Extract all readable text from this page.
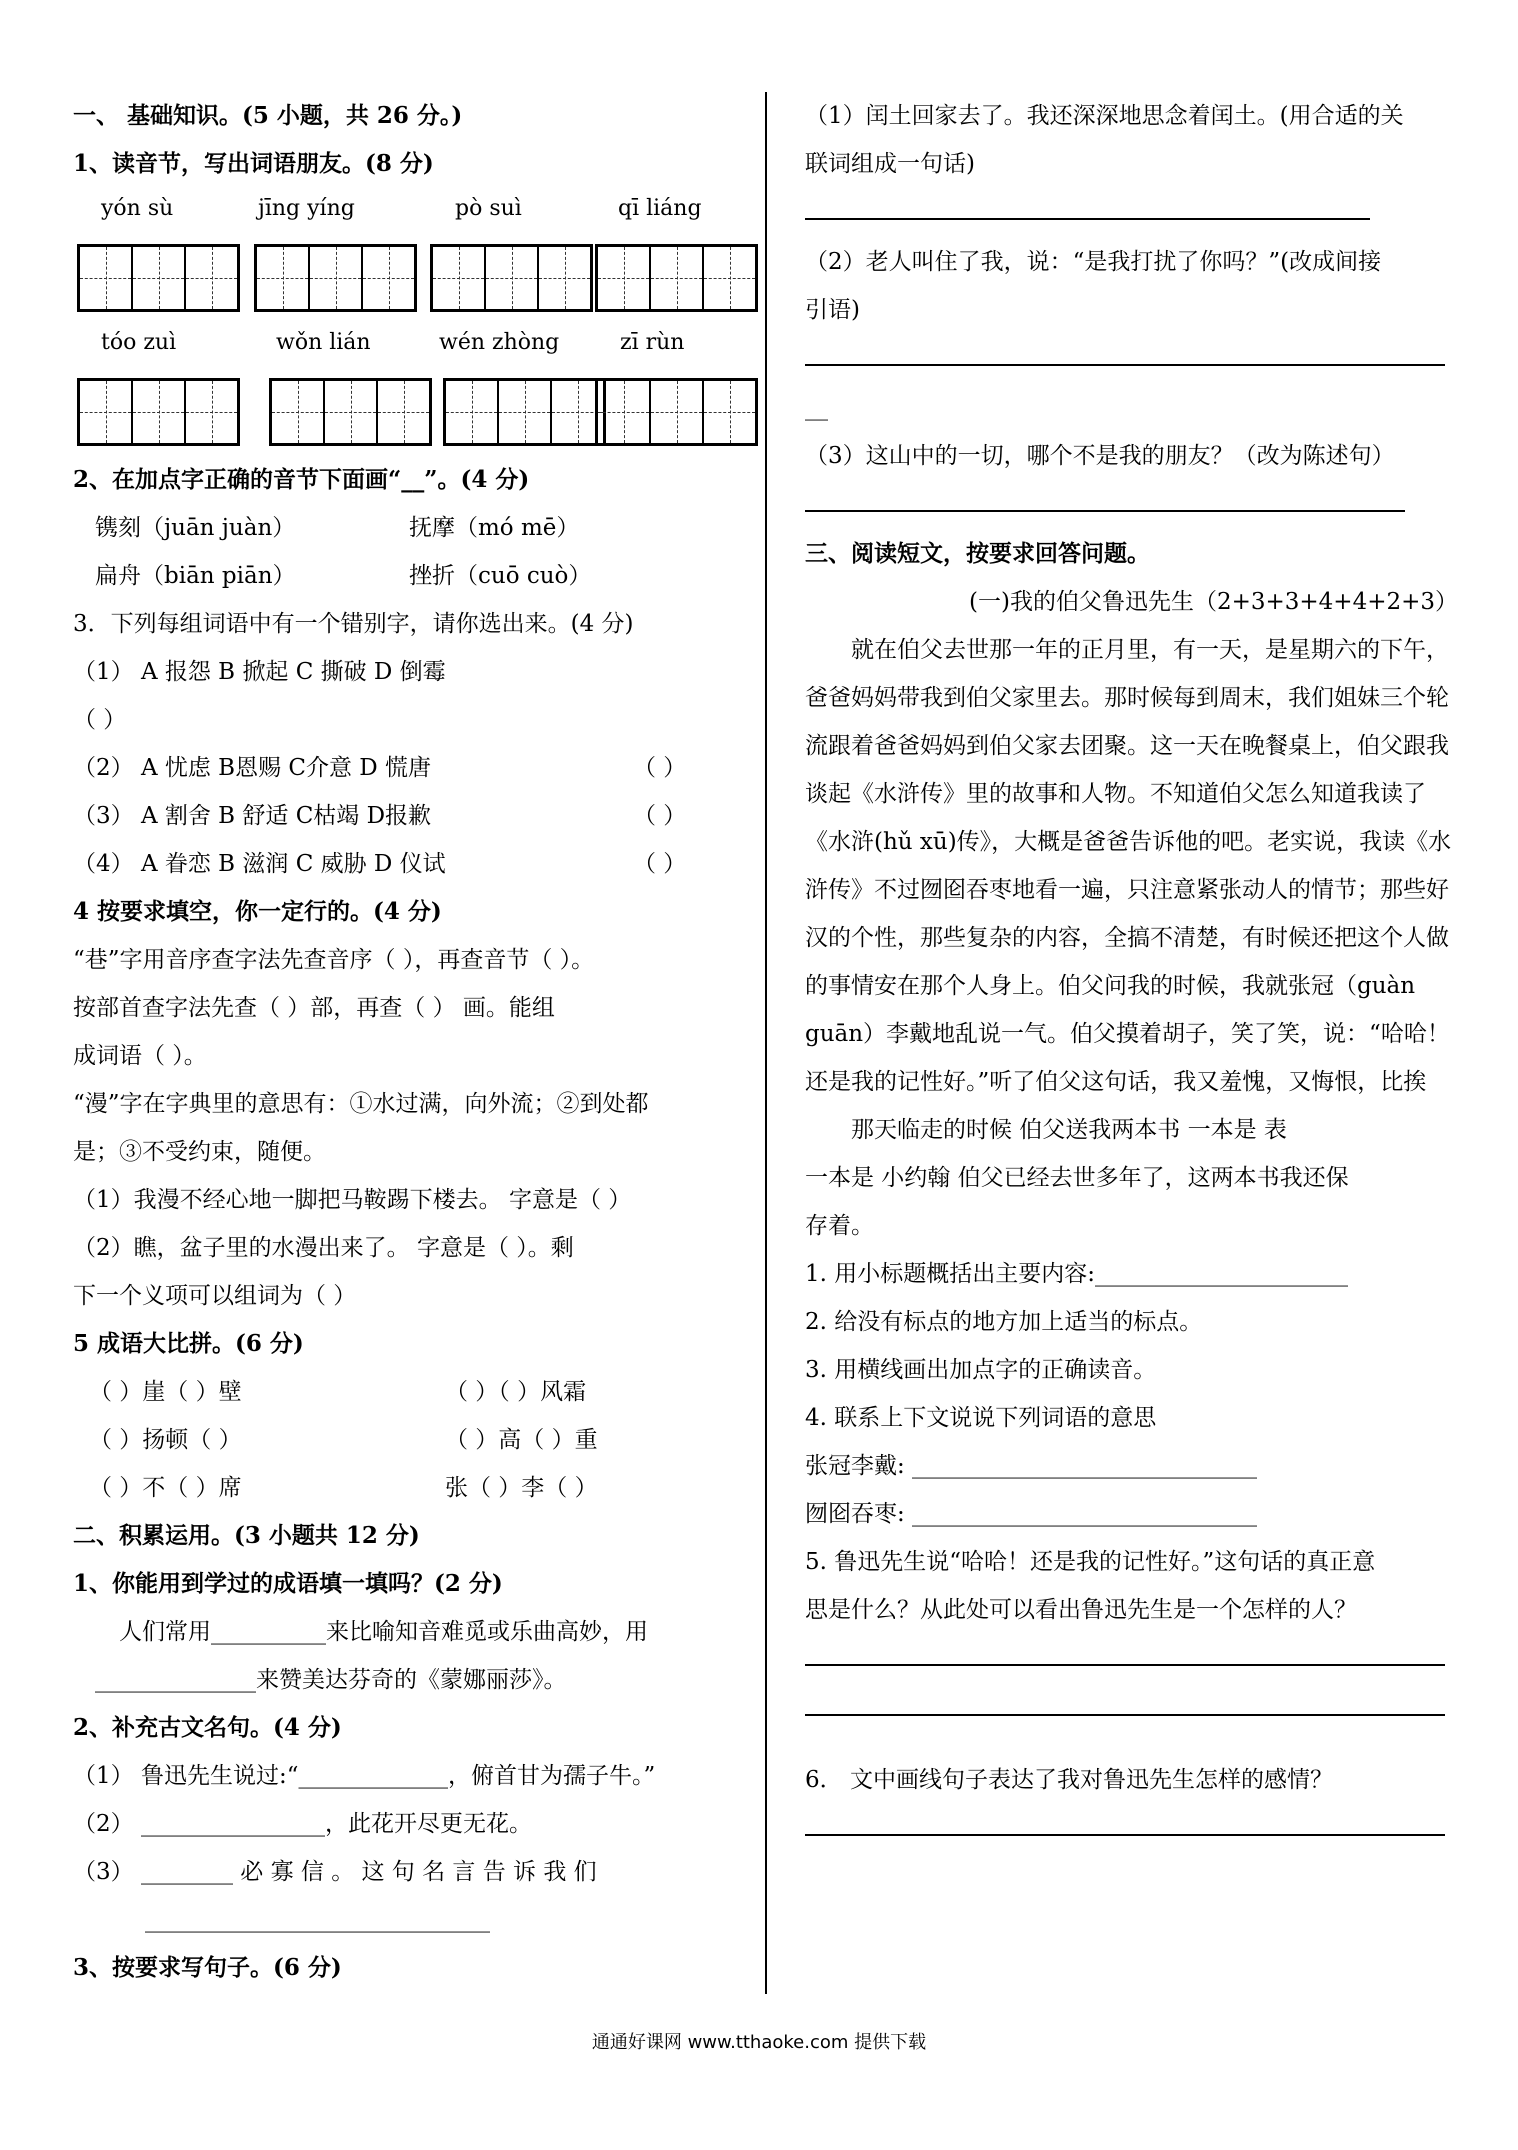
一、 基础知识。(5 小题，共 26 分。)
1、读音节，写出词语朋友。(8 分)
yón sù	jīng yíng	pò suì	qī liáng
tóo zuì	wǒn lián	wén zhòng	zī rùn
2、在加点字正确的音节下面画“__”。(4 分)
镌刻（juān juàn）	抚摩（mó mē）
扁舟（biān piān）	挫折（cuō cuò）
3．下列每组词语中有一个错别字，请你选出来。(4 分)
（1） A 报怨 B 掀起 C 撕破 D 倒霉
（ ）
（2） A 忧虑 B恩赐 C介意 D 慌唐	（ ）
（3） A 割舍 B 舒适 C枯竭 D报歉	（ ）
（4） A 眷恋 B 滋润 C 威胁 D 仪试	（ ）
4 按要求填空，你一定行的。(4 分)
“巷”字用音序查字法先查音序（ ），再查音节（ ）。
按部首查字法先查（ ）部，再查（ ） 画。能组
成词语（ ）。
“漫”字在字典里的意思有：①水过满，向外流；②到处都
是；③不受约束，随便。
（1）我漫不经心地一脚把马鞍踢下楼去。 字意是（ ）
（2）瞧，盆子里的水漫出来了。 字意是（ ）。剩
下一个义项可以组词为（ ）
5 成语大比拼。(6 分)
（ ）崖（ ）壁	（ ）（ ）风霜
（ ）扬顿（ ）	（ ）高（ ）重
（ ）不（ ）席	张（ ）李（ ）
二、积累运用。(3 小题共 12 分)
1、你能用到学过的成语填一填吗？(2 分)
人们常用__________来比喻知音难觅或乐曲高妙，用
______________来赞美达芬奇的《蒙娜丽莎》。
2、补充古文名句。(4 分)
（1） 鲁迅先生说过:“_____________，俯首甘为孺子牛。”
（2） ________________，此花开尽更无花。
（3） ________ 必 寡 信 。 这 句 名 言 告 诉 我 们
______________________________
3、按要求写句子。(6 分)
（1）闰土回家去了。我还深深地思念着闰土。(用合适的关
联词组成一句话)
（2）老人叫住了我，说：“是我打扰了你吗？”(改成间接
引语)
__
（3）这山中的一切，哪个不是我的朋友？（改为陈述句）
三、阅读短文，按要求回答问题。
(一)我的伯父鲁迅先生（2+3+3+4+4+2+3）
就在伯父去世那一年的正月里，有一天，是星期六的下午，爸爸妈妈带我到伯父家里去。那时候每到周末，我们姐妹三个轮流跟着爸爸妈妈到伯父家去团聚。这一天在晚餐桌上，伯父跟我谈起《水浒传》里的故事和人物。不知道伯父怎么知道我读了《水浒(hǔ xū)传》，大概是爸爸告诉他的吧。老实说，我读《水浒传》不过囫囵吞枣地看一遍，只注意紧张动人的情节；那些好汉的个性，那些复杂的内容，全搞不清楚，有时候还把这个人做的事情安在那个人身上。伯父问我的时候，我就张冠（guàn guān）李戴地乱说一气。伯父摸着胡子，笑了笑，说：“哈哈！还是我的记性好。”听了伯父这句话，我又羞愧，又悔恨，比挨
那天临走的时候 伯父送我两本书 一本是 表
一本是 小约翰 伯父已经去世多年了，这两本书我还保
存着。
1. 用小标题概括出主要内容:______________________
2. 给没有标点的地方加上适当的标点。
3. 用横线画出加点字的正确读音。
4. 联系上下文说说下列词语的意思
张冠李戴: ______________________________
囫囵吞枣: ______________________________
5. 鲁迅先生说“哈哈！还是我的记性好。”这句话的真正意
思是什么？从此处可以看出鲁迅先生是一个怎样的人？
6． 文中画线句子表达了我对鲁迅先生怎样的感情？
通通好课网 www.tthaoke.com 提供下载
